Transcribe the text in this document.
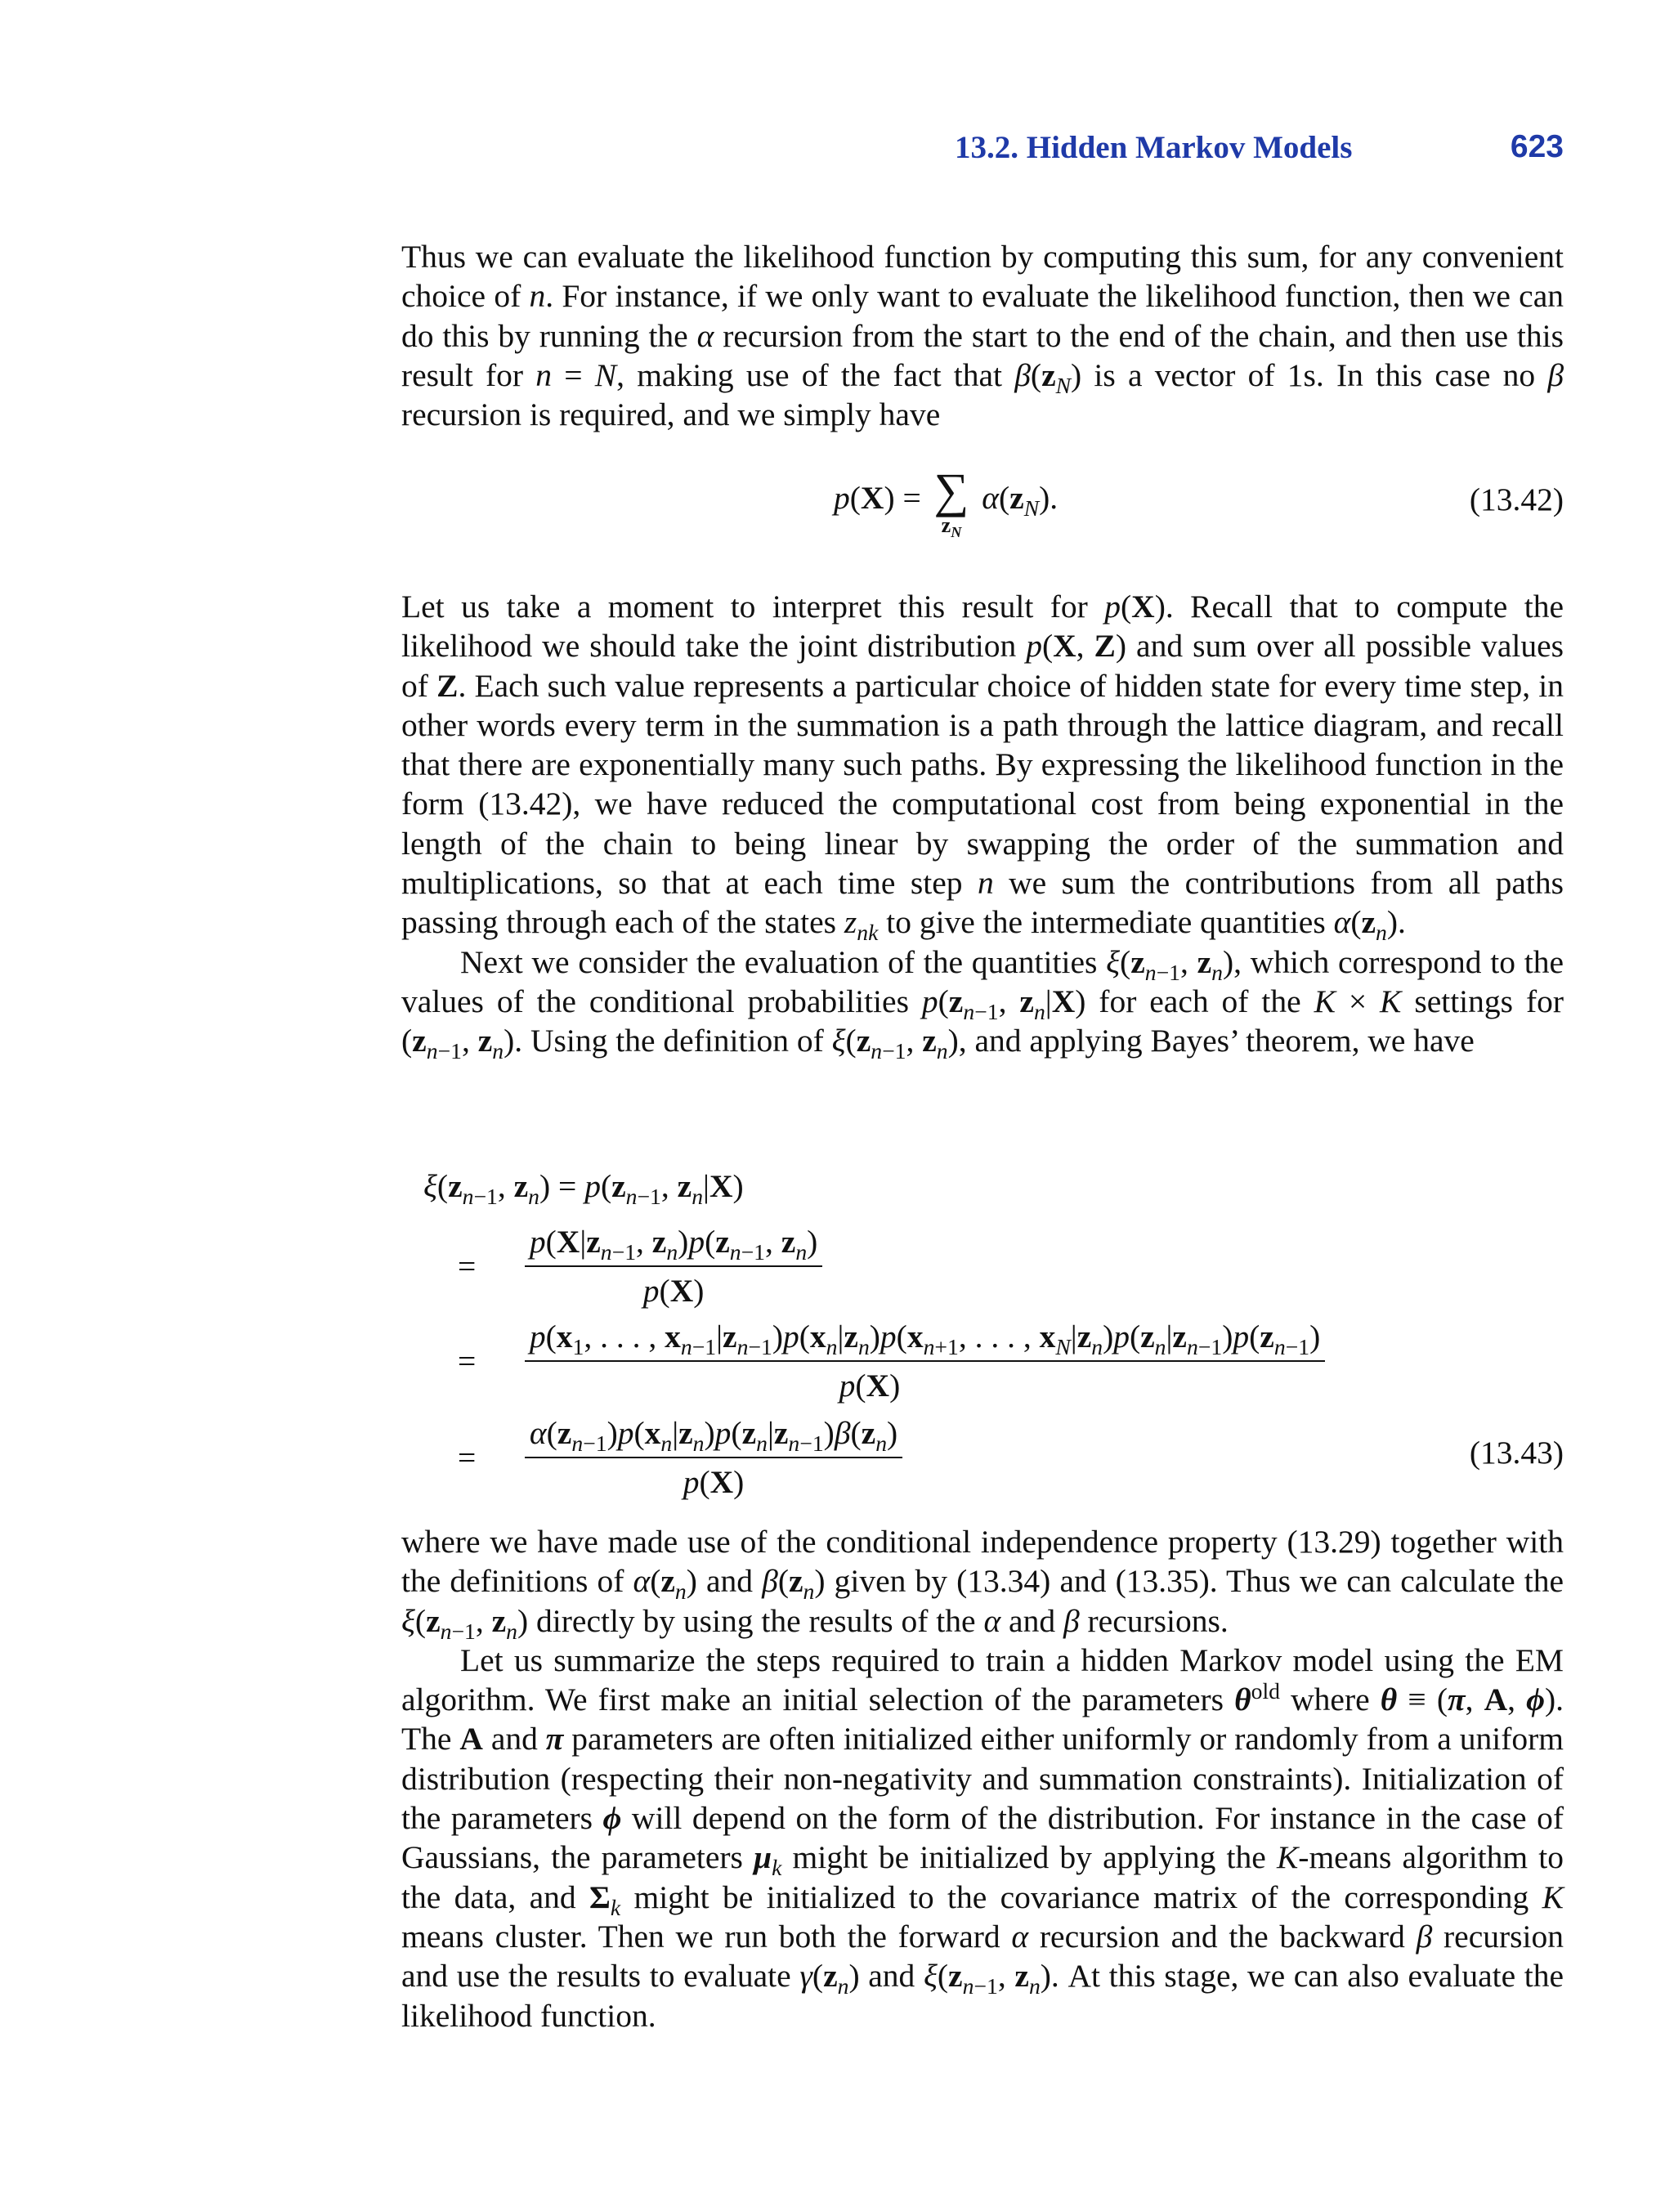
13.2. Hidden Markov Models	623

Thus we can evaluate the likelihood function by computing this sum, for any convenient choice of n. For instance, if we only want to evaluate the likelihood function, then we can do this by running the α recursion from the start to the end of the chain, and then use this result for n = N, making use of the fact that $\beta(z_N)$ is a vector of 1s. In this case no β recursion is required, and we simply have

p(X) = ∑
$z_N$
$\alpha(z_N)$.	(13.42)

Let us take a moment to interpret this result for p(X). Recall that to compute the likelihood we should take the joint distribution p(X, Z) and sum over all possible values of Z. Each such value represents a particular choice of hidden state for every time step, in other words every term in the summation is a path through the lattice diagram, and recall that there are exponentially many such paths. By expressing the likelihood function in the form (13.42), we have reduced the computational cost from being exponential in the length of the chain to being linear by swapping the order of the summation and multiplications, so that at each time step n we sum the contributions from all paths passing through each of the states $z_{nk}$ to give the intermediate quantities $\alpha(z_n)$.

Next we consider the evaluation of the quantities $\xi(z_{n-1}$, $z_n$), which correspond to the values of the conditional probabilities $p(z_{n-1}$, $z_n|X$) for each of the K × K settings for ($z_{n-1}$, $z_n$). Using the definition of $\xi(z_{n-1}$, $z_n$), and applying Bayes’ theorem, we have

$\xi(z_{n-1}$, $z_n) = p(z_{n-1}$, $z_n|X$)
= $\frac{p(X|z_{n-1}, z_n)p(z_{n-1}, z_n)}{p(X)}$
=
$p(x_1$, . . . , $x_{n-1}|z_{n-1})p(x_n|z_n)p(x_{n+1}$, . . . , $x_N|z_n)p(z_n|z_{n-1})p(z_{n-1})$
p(X)
= $\frac{\alpha(z_{n-1})p(x_n|z_n)p(z_n|z_{n-1})\beta(z_n)}{p(X)}$	(13.43)

where we have made use of the conditional independence property (13.29) together with the definitions of $\alpha(z_n)$ and $\beta(z_n)$ given by (13.34) and (13.35). Thus we can calculate the $\xi(z_{n-1}$, $z_n$) directly by using the results of the α and β recursions.

Let us summarize the steps required to train a hidden Markov model using the EM algorithm. We first make an initial selection of the parameters $\theta^{old}$ where θ ≡ (π, A, ϕ). The A and π parameters are often initialized either uniformly or randomly from a uniform distribution (respecting their non-negativity and summation constraints). Initialization of the parameters ϕ will depend on the form of the distribution. For instance in the case of Gaussians, the parameters $\mu_k$ might be initialized by applying the K-means algorithm to the data, and $\Sigma_k$ might be initialized to the covariance matrix of the corresponding K means cluster. Then we run both the forward α recursion and the backward β recursion and use the results to evaluate $\gamma(z_n)$ and $\xi(z_{n-1}$, $z_n$). At this stage, we can also evaluate the likelihood function.
